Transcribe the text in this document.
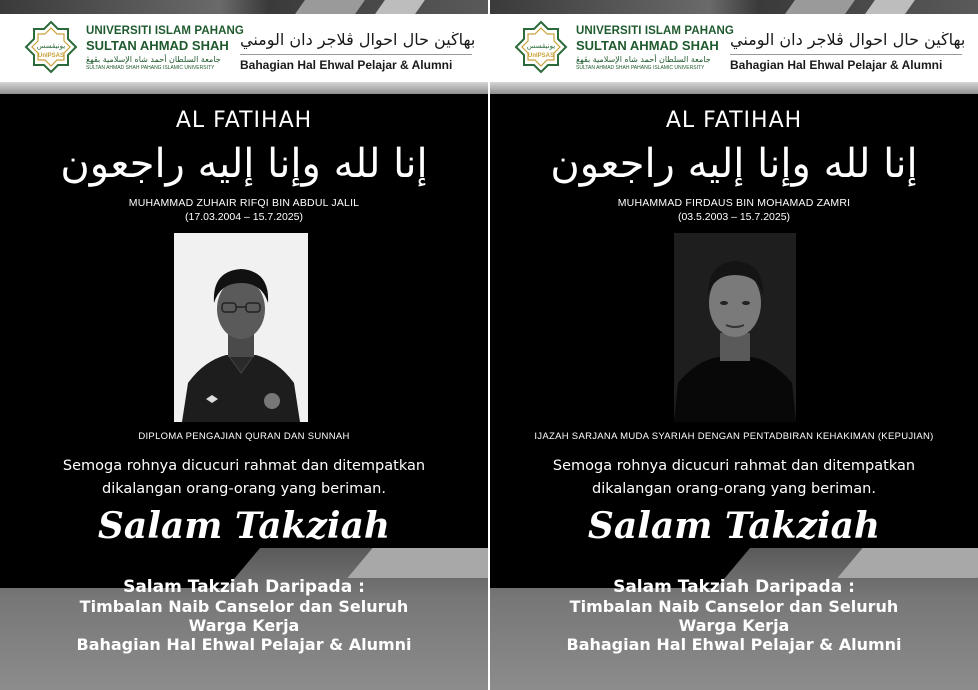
يونيڤسس
UnIPSAS
UNIVERSITI ISLAM PAHANG
SULTAN AHMAD SHAH
جامعة السلطان أحمد شاه الإسلامية بڤهڠ
SULTAN AHMAD SHAH PAHANG ISLAMIC UNIVERSITY
بهاڬين حال احوال ڤلاجر دان الومني
Bahagian Hal Ehwal Pelajar & Alumni
AL FATIHAH
إنا لله وإنا إليه راجعون
MUHAMMAD ZUHAIR RIFQI BIN ABDUL JALIL
(17.03.2004 – 15.7.2025)
DIPLOMA PENGAJIAN QURAN DAN SUNNAH
Semoga rohnya dicucuri rahmat dan ditempatkan
dikalangan orang-orang yang beriman.
Salam Takziah
Salam Takziah Daripada :
Timbalan Naib Canselor dan Seluruh
Warga Kerja
Bahagian Hal Ehwal Pelajar & Alumni
يونيڤسس
UnIPSAS
UNIVERSITI ISLAM PAHANG
SULTAN AHMAD SHAH
جامعة السلطان أحمد شاه الإسلامية بڤهڠ
SULTAN AHMAD SHAH PAHANG ISLAMIC UNIVERSITY
بهاڬين حال احوال ڤلاجر دان الومني
Bahagian Hal Ehwal Pelajar & Alumni
AL FATIHAH
إنا لله وإنا إليه راجعون
MUHAMMAD FIRDAUS BIN MOHAMAD ZAMRI
(03.5.2003 – 15.7.2025)
IJAZAH SARJANA MUDA SYARIAH DENGAN PENTADBIRAN KEHAKIMAN (KEPUJIAN)
Semoga rohnya dicucuri rahmat dan ditempatkan
dikalangan orang-orang yang beriman.
Salam Takziah
Salam Takziah Daripada :
Timbalan Naib Canselor dan Seluruh
Warga Kerja
Bahagian Hal Ehwal Pelajar & Alumni
